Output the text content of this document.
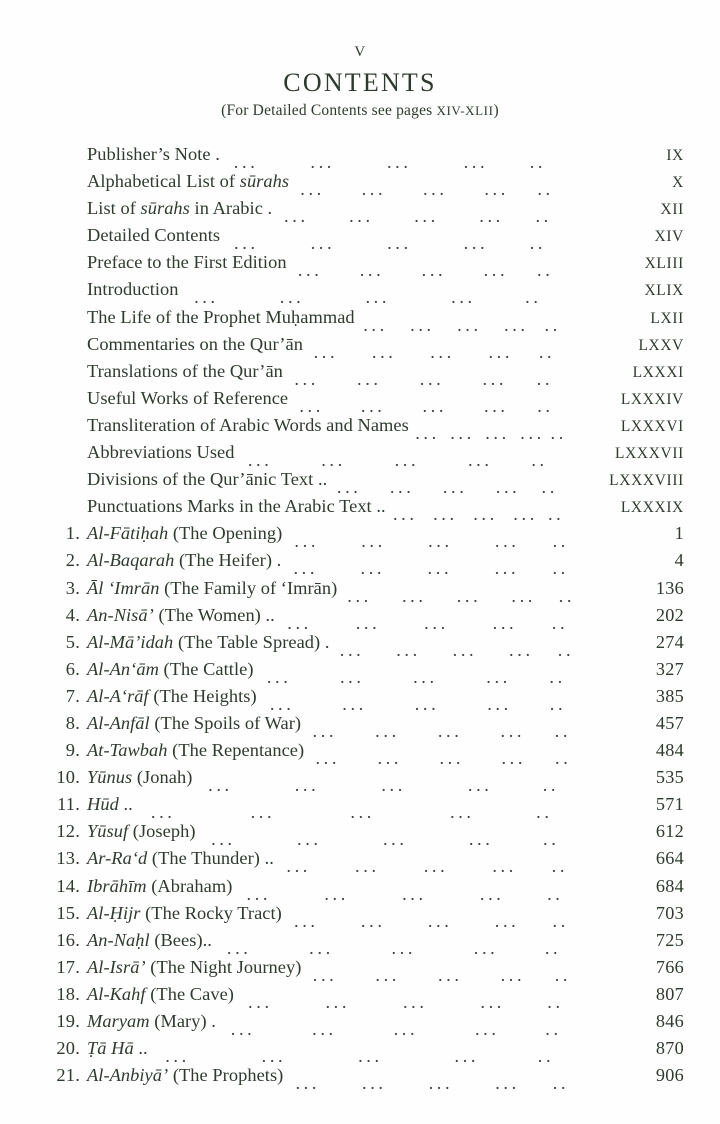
V
CONTENTS
(For Detailed Contents see pages XIV-XLII)
Publisher’s Note . ...	...	...	... ..	IX
Alphabetical List of sūrahs ... ... ... ... ..	X
List of sūrahs in Arabic . ... ... ... ... ..	XII
Detailed Contents ...	...	...	... ..	XIV
Preface to the First Edition ... ... ... ... ..	XLIII
Introduction ...	...	...	...	..	XLIX
The Life of the Prophet Muḥammad ... ... ... ... ..	LXII
Commentaries on the Qur’ān ... ... ... ... ..	LXXV
Translations of the Qur’ān ... ... ... ... ..	LXXXI
Useful Works of Reference ... ... ... ... ..	LXXXIV
Transliteration of Arabic Words and Names ... ... ... ... ..	LXXXVI
Abbreviations Used ...	...	...	... ..	LXXXVII
Divisions of the Qur’ānic Text .. ... ... ... ... ..	LXXXVIII
Punctuations Marks in the Arabic Text .. ... ... ... ... ..	LXXXIX
1. Al-Fātiḥah (The Opening) ... ... ... ... ..	1
2. Al-Baqarah (The Heifer) . ... ... ... ... ..	4
3. Āl ʻImrān (The Family of ʻImrān) ... ... ... ... ..	136
4. An-Nisā’ (The Women) .. ... ... ... ... ..	202
5. Al-Mā’idah (The Table Spread) . ... ... ... ... ..	274
6. Al-Anʻām (The Cattle) ...	...	...	... ..	327
7. Al-Aʻrāf (The Heights) ...	...	...	... ..	385
8. Al-Anfāl (The Spoils of War) ... ... ... ... ..	457
9. At-Tawbah (The Repentance) ... ... ... ... ..	484
10. Yūnus (Jonah) ...	...	...	...	..	535
11. Hūd .. ...	...	...	...	..	571
12. Yūsuf (Joseph) ...	...	...	...	..	612
13. Ar-Raʻd (The Thunder) .. ... ... ... ... ..	664
14. Ibrāhīm (Abraham) ...	...	...	... ..	684
15. Al-Ḥijr (The Rocky Tract) ... ... ... ... ..	703
16. An-Naḥl (Bees).. ...	...	...	...	..	725
17. Al-Isrā’ (The Night Journey) ... ... ... ... ..	766
18. Al-Kahf (The Cave) ...	...	...	... ..	807
19. Maryam (Mary) . ...	...	...	... ..	846
20. Ṭā Hā .. ...	...	...	...	..	870
21. Al-Anbiyā’ (The Prophets) ... ... ... ... ..	906
